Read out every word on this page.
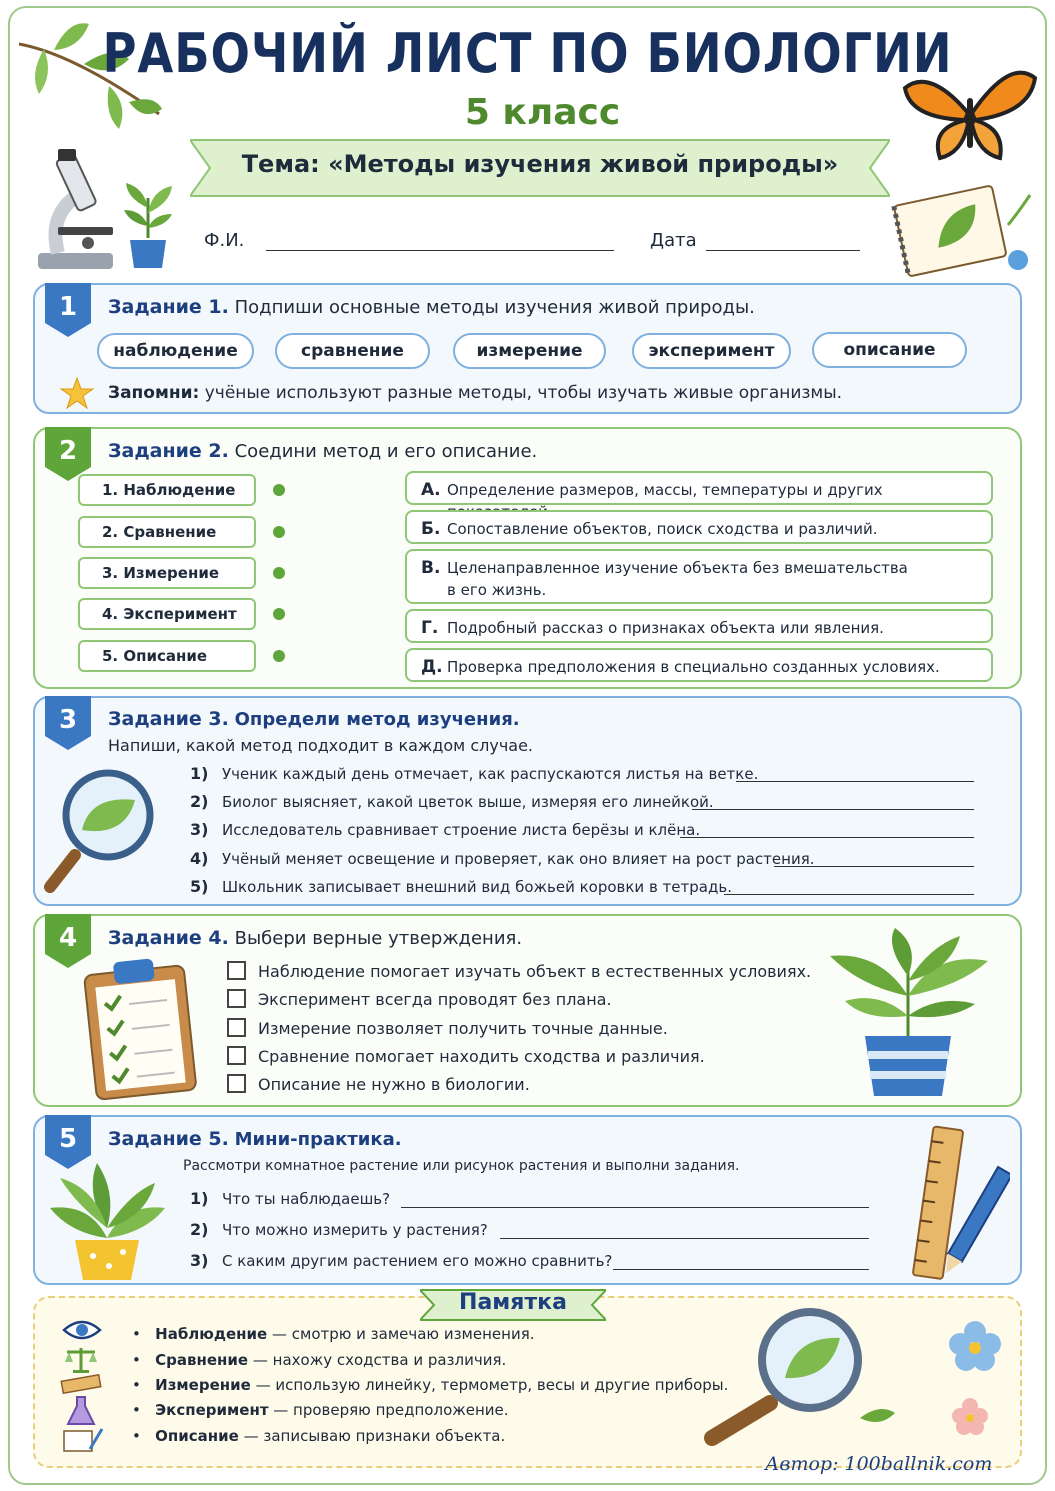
РАБОЧИЙ ЛИСТ ПО БИОЛОГИИ
5 класс
Тема: «Методы изучения живой природы»
Ф.И.	Дата
1	Задание 1. Подпиши основные методы изучения живой природы.
наблюдение	сравнение	измерение	эксперимент	описание
Запомни: учёные используют разные методы, чтобы изучать живые организмы.
2	Задание 2. Соедини метод и его описание.
1. Наблюдение
2. Сравнение
3. Измерение
4. Эксперимент
5. Описание
А. Определение размеров, массы, температуры и других
Б. Сопоставление объектов, поиск сходства и различий.
В. Целенаправленное изучение объекта без вмешательства
в его жизнь.
Г. Подробный рассказ о признаках объекта или явления.
Д. Проверка предположения в специально созданных условиях.
3	Задание 3. Определи метод изучения.
Напиши, какой метод подходит в каждом случае.
1) Ученик каждый день отмечает, как распускаются листья на ветке.
2) Биолог выясняет, какой цветок выше, измеряя его линейкой.
3) Исследователь сравнивает строение листа берёзы и клёна.
4) Учёный меняет освещение и проверяет, как оно влияет на рост растения.
5) Школьник записывает внешний вид божьей коровки в тетрадь.
4	Задание 4. Выбери верные утверждения.
Наблюдение помогает изучать объект в естественных условиях.
Эксперимент всегда проводят без плана.
Измерение позволяет получить точные данные.
Сравнение помогает находить сходства и различия.
Описание не нужно в биологии.
5	Задание 5. Мини-практика.
Рассмотри комнатное растение или рисунок растения и выполни задания.
1) Что ты наблюдаешь?
2) Что можно измерить у растения?
3) С каким другим растением его можно сравнить?
Памятка
•   Наблюдение — смотрю и замечаю изменения.
•   Сравнение — нахожу сходства и различия.
•   Измерение — использую линейку, термометр, весы и другие приборы.
•   Эксперимент — проверяю предположение.
•   Описание — записываю признаки объекта.
Автор: 100ballnik.com
